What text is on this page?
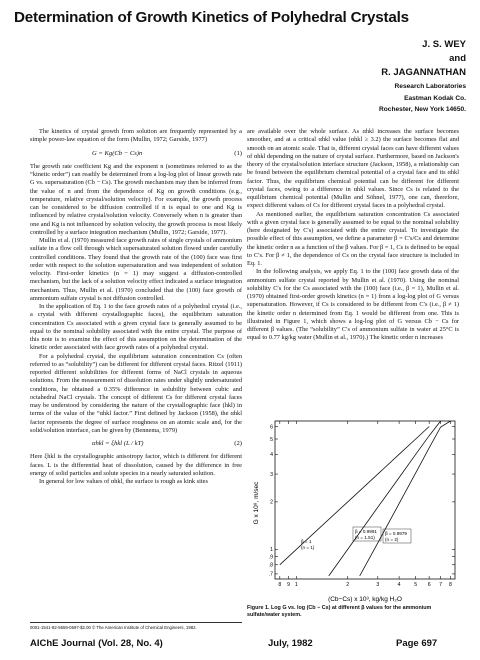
Determination of Growth Kinetics of Polyhedral Crystals
J. S. WEY
and
R. JAGANNATHAN
Research Laboratories
Eastman Kodak Co.
Rochester, New York 14650.

The kinetics of crystal growth from solution are frequently represented by a simple power-law equation of the form (Mullin, 1972; Garside, 1977)

G = Kg(Cb − Cs)n	(1)

The growth rate coefficient Kg and the exponent n (sometimes referred to as the “kinetic order”) can readily be determined from a log-log plot of linear growth rate G vs. supersaturation (Cb − Cs). The growth mechanism may then be inferred from the value of n and from the dependence of Kg on growth conditions (e.g., temperature, relative crystal/solution velocity). For example, the growth process can be considered to be diffusion controlled if n is equal to one and Kg is influenced by relative crystal/solution velocity. Conversely when n is greater than one and Kg is not influenced by solution velocity, the growth process is most likely controlled by a surface integration mechanism (Mullin, 1972; Garside, 1977).

Mullin et al. (1970) measured face growth rates of single crystals of ammonium sulfate in a flow cell through which supersaturated solution flowed under carefully controlled conditions. They found that the growth rate of the (100) face was first order with respect to the solution supersaturation and was independent of solution velocity. First-order kinetics (n = 1) may suggest a diffusion-controlled mechanism, but the lack of a solution velocity effect indicated a surface integration mechanism. Thus, Mullin et al. (1970) concluded that the (100) face growth of ammonium sulfate crystal is not diffusion controlled.

In the application of Eq. 1 to the face growth rates of a polyhedral crystal (i.e., a crystal with different crystallographic faces), the equilibrium saturation concentration Cs associated with a given crystal face is generally assumed to be equal to the nominal solubility associated with the entire crystal. The purpose of this note is to examine the effect of this assumption on the determination of the kinetic order associated with face growth rates of a polyhedral crystal.

For a polyhedral crystal, the equilibrium saturation concentration Cs (often referred to as “solubility”) can be different for different crystal faces. Ritzel (1911) reported different solubilities for different forms of NaCl crystals in aqueous solutions. From the measurement of dissolution rates under slightly undersaturated conditions, he obtained a 0.35% difference in solubility between cubic and octahedral NaCl crystals. The concept of different Cs for different crystal faces may be understood by considering the nature of the crystallographic face (hkl) in terms of the value of the “αhkl factor.” First defined by Jackson (1958), the αhkl factor represents the degree of surface roughness on an atomic scale and, for the solid/solution interface, can be given by (Bennema, 1979)

αhkl = ξhkl (L / kT)	(2)

Here ξhkl is the crystallographic anisotropy factor, which is different for different faces. L is the differential heat of dissolution, caused by the difference in free energy of solid particles and solute species in a nearly saturated solution.

In general for low values of αhkl, the surface is rough as kink sites

are available over the whole surface. As αhkl increases the surface becomes smoother, and at a critical αhkl value (αhkl ≥ 3.2) the surface becomes flat and smooth on an atomic scale. That is, different crystal faces can have different values of αhkl depending on the nature of crystal surface. Furthermore, based on Jackson's theory of the crystal/solution interface structure (Jackson, 1958), a relationship can be found between the equilibrium chemical potential of a crystal face and its αhkl factor. Thus, the equilibrium chemical potential can be different for different crystal faces, owing to a difference in αhkl values. Since Cs is related to the equilibrium chemical potential (Mullin and Söhnel, 1977), one can, therefore, expect different values of Cs for different crystal faces in a polyhedral crystal.

As mentioned earlier, the equilibrium saturation concentration Cs associated with a given crystal face is generally assumed to be equal to the nominal solubility (here designated by C′s) associated with the entire crystal. To investigate the possible effect of this assumption, we define a parameter β = C′s/Cs and determine the kinetic order n as a function of the β values. For β = 1, Cs is defined to be equal to C′s. For β ≠ 1, the dependence of Cs on the crystal face structure is included in Eq. 1.

In the following analysis, we apply Eq. 1 to the (100) face growth data of the ammonium sulfate crystal reported by Mullin et al. (1970). Using the nominal solubility C′s for the Cs associated with the (100) face (i.e., β = 1), Mullin et al. (1970) obtained first-order growth kinetics (n = 1) from a log-log plot of G versus supersaturation. However, if Cs is considered to be different from C′s (i.e., β ≠ 1) the kinetic order n determined from Eq. 1 would be different from one. This is illustrated in Figure 1, which shows a log-log plot of G versus Cb − Cs for different β values. (The “solubility” C′s of ammonium sulfate in water at 25°C is equal to 0.77 kg/kg water (Mullin et al., 1970).) The kinetic order n increases

G x 10⁸, m/sec
(Cb−Cs) x 10³, kg/kg H₂O
6
5
4
3
2
1
.9
.8
.7
8 9 1	2	3	4	5 6 7 8
β = 1
(n = 1)
β = 0.9991
(n = 1.51)
β = 0.9979
(n = 2)
Figure 1. Log G vs. log (Cb − Cs) at different β values for the ammonium sulfate/water system.
0001-1541-82-5659-0697-$2.00 © The American Institute of Chemical Engineers, 1982.
AIChE Journal (Vol. 28, No. 4)	July, 1982	Page 697
